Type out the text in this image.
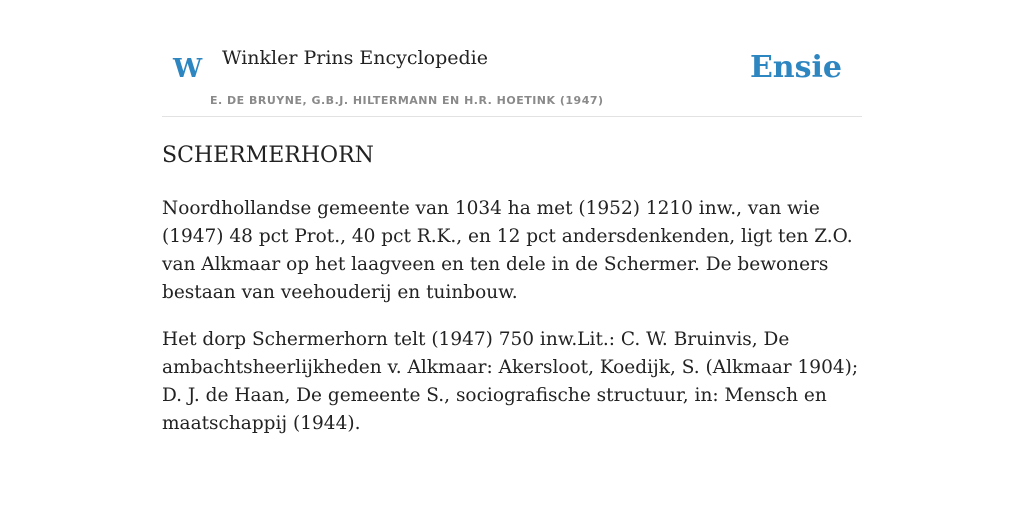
W Winkler Prins Encyclopedie
E. DE BRUYNE, G.B.J. HILTERMANN EN H.R. HOETINK (1947)
Ensie
SCHERMERHORN

Noordhollandse gemeente van 1034 ha met (1952) 1210 inw., van wie (1947) 48 pct Prot., 40 pct R.K., en 12 pct andersdenkenden, ligt ten Z.O. van Alkmaar op het laagveen en ten dele in de Schermer. De bewoners bestaan van veehouderij en tuinbouw.

Het dorp Schermerhorn telt (1947) 750 inw.Lit.: C. W. Bruinvis, De ambachtsheerlijkheden v. Alkmaar: Akersloot, Koedijk, S. (Alkmaar 1904); D. J. de Haan, De gemeente S., sociografische structuur, in: Mensch en maatschappij (1944).
